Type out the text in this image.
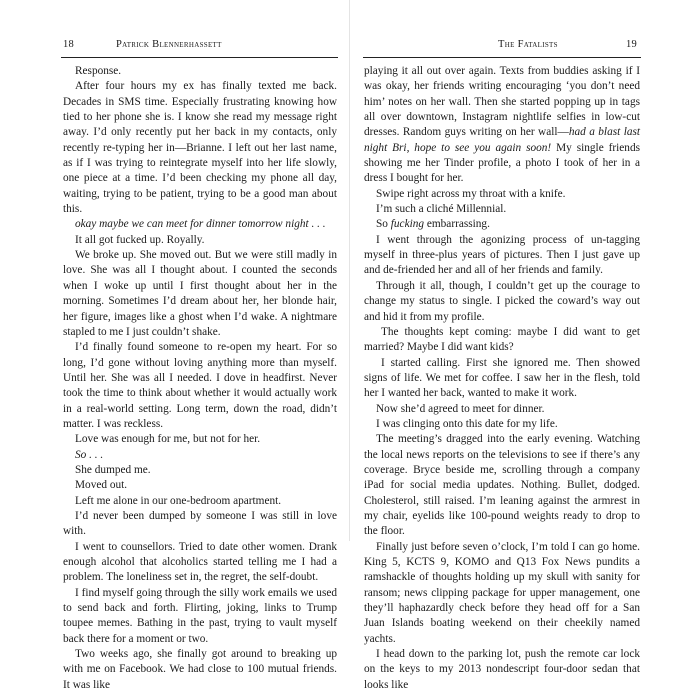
18	Patrick Blennerhassett

Response.

After four hours my ex has finally texted me back. Decades in SMS time. Especially frustrating knowing how tied to her phone she is. I know she read my message right away. I’d only recently put her back in my contacts, only recently re-typing her in—Brianne. I left out her last name, as if I was trying to reintegrate myself into her life slowly, one piece at a time. I’d been checking my phone all day, waiting, trying to be patient, trying to be a good man about this.

okay maybe we can meet for dinner tomorrow night . . .

It all got fucked up. Royally.

We broke up. She moved out. But we were still madly in love. She was all I thought about. I counted the seconds when I woke up until I first thought about her in the morning. Sometimes I’d dream about her, her blonde hair, her figure, images like a ghost when I’d wake. A nightmare stapled to me I just couldn’t shake.

I’d finally found someone to re-open my heart. For so long, I’d gone without loving anything more than myself. Until her. She was all I needed. I dove in headfirst. Never took the time to think about whether it would actually work in a real-world setting. Long term, down the road, didn’t matter. I was reckless.

Love was enough for me, but not for her.

So . . .

She dumped me.

Moved out.

Left me alone in our one-bedroom apartment.

I’d never been dumped by someone I was still in love with.

I went to counsellors. Tried to date other women. Drank enough alcohol that alcoholics started telling me I had a problem. The loneliness set in, the regret, the self-doubt.

I find myself going through the silly work emails we used to send back and forth. Flirting, joking, links to Trump toupee memes. Bathing in the past, trying to vault myself back there for a moment or two.

Two weeks ago, she finally got around to breaking up with me on Facebook. We had close to 100 mutual friends. It was like

The Fatalists	19

playing it all out over again. Texts from buddies asking if I was okay, her friends writing encouraging ‘you don’t need him’ notes on her wall. Then she started popping up in tags all over downtown, Instagram nightlife selfies in low-cut dresses. Random guys writing on her wall—had a blast last night Bri, hope to see you again soon! My single friends showing me her Tinder profile, a photo I took of her in a dress I bought for her.

Swipe right across my throat with a knife.

I’m such a cliché Millennial.

So fucking embarrassing.

I went through the agonizing process of un-tagging myself in three-plus years of pictures. Then I just gave up and de-friended her and all of her friends and family.

Through it all, though, I couldn’t get up the courage to change my status to single. I picked the coward’s way out and hid it from my profile.

The thoughts kept coming: maybe I did want to get married? Maybe I did want kids?

I started calling. First she ignored me. Then showed signs of life. We met for coffee. I saw her in the flesh, told her I wanted her back, wanted to make it work.

Now she’d agreed to meet for dinner.

I was clinging onto this date for my life.

The meeting’s dragged into the early evening. Watching the local news reports on the televisions to see if there’s any coverage. Bryce beside me, scrolling through a company iPad for social media updates. Nothing. Bullet, dodged. Cholesterol, still raised. I’m leaning against the armrest in my chair, eyelids like 100-pound weights ready to drop to the floor.

Finally just before seven o’clock, I’m told I can go home. King 5, KCTS 9, KOMO and Q13 Fox News pundits a ramshackle of thoughts holding up my skull with sanity for ransom; news clipping package for upper management, one they’ll haphazardly check before they head off for a San Juan Islands boating weekend on their cheekily named yachts.

I head down to the parking lot, push the remote car lock on the keys to my 2013 nondescript four-door sedan that looks like
